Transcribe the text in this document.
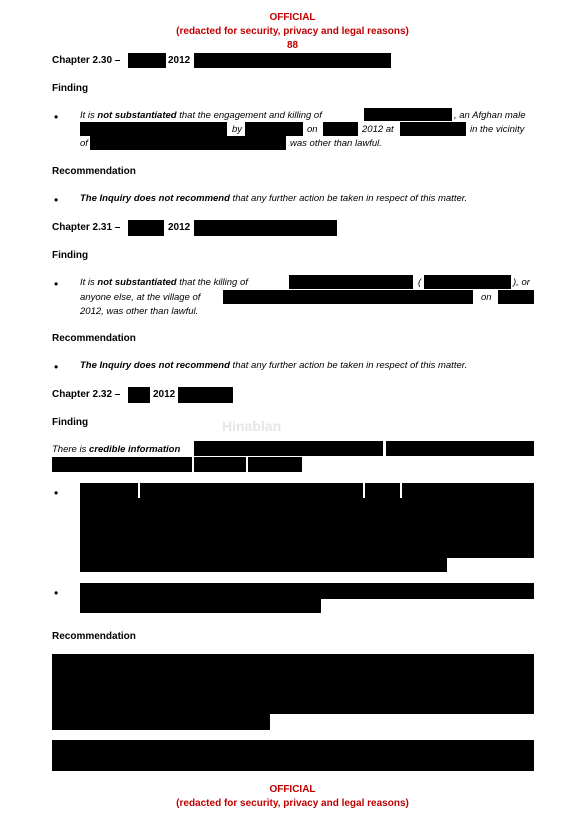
OFFICIAL
(redacted for security, privacy and legal reasons)
88
Chapter 2.30 –	2012
Finding
• It is not substantiated that the engagement and killing of	, an Afghan male
by	on	2012 at	in the vicinity
of	was other than lawful.
Recommendation
• The Inquiry does not recommend that any further action be taken in respect of this matter.
Chapter 2.31 –	2012
Finding
• It is not substantiated that the killing of	(	), or
anyone else, at the village of	on
2012, was other than lawful.
Recommendation
• The Inquiry does not recommend that any further action be taken in respect of this matter.
Chapter 2.32 –	2012
Hinablan
Finding
There is credible information
•
•
Recommendation
OFFICIAL
(redacted for security, privacy and legal reasons)
